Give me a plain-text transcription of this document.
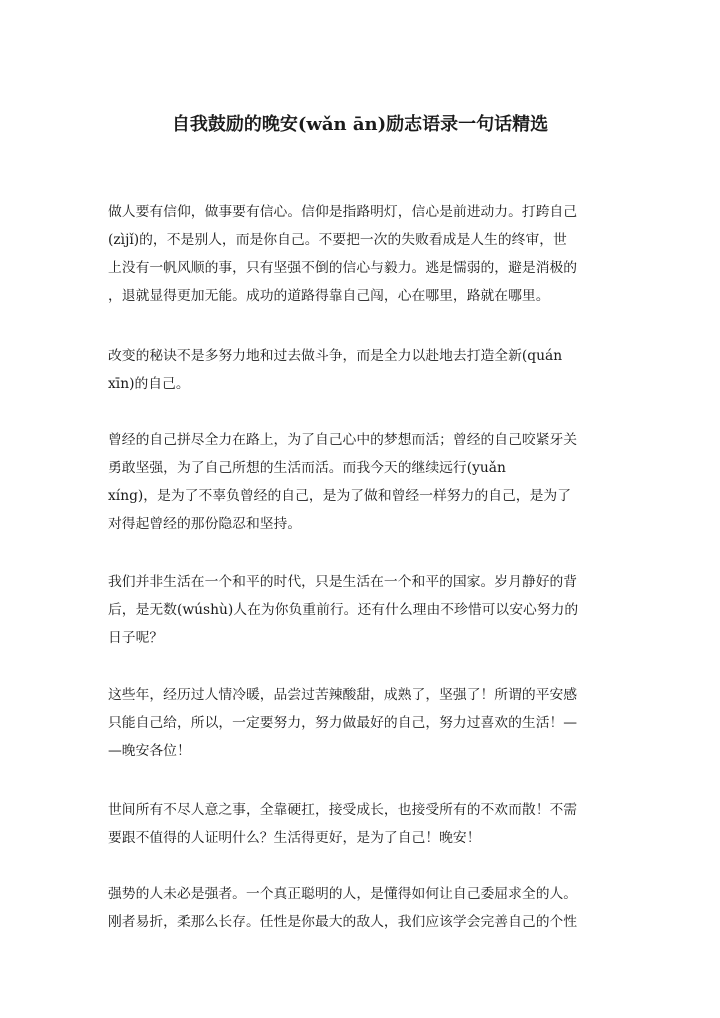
自我鼓励的晚安(wǎn ān)励志语录一句话精选
做人要有信仰，做事要有信心。信仰是指路明灯，信心是前进动力。打跨自己
(zìjǐ)的，不是别人，而是你自己。不要把一次的失败看成是人生的终审，世
上没有一帆风顺的事，只有坚强不倒的信心与毅力。逃是懦弱的，避是消极的
，退就显得更加无能。成功的道路得靠自己闯，心在哪里，路就在哪里。
改变的秘诀不是多努力地和过去做斗争，而是全力以赴地去打造全新(quán
xīn)的自己。
曾经的自己拼尽全力在路上，为了自己心中的梦想而活；曾经的自己咬紧牙关
勇敢坚强，为了自己所想的生活而活。而我今天的继续远行(yuǎn
xíng)，是为了不辜负曾经的自己，是为了做和曾经一样努力的自己，是为了
对得起曾经的那份隐忍和坚持。
我们并非生活在一个和平的时代，只是生活在一个和平的国家。岁月静好的背
后，是无数(wúshù)人在为你负重前行。还有什么理由不珍惜可以安心努力的
日子呢？
这些年，经历过人情冷暖，品尝过苦辣酸甜，成熟了，坚强了！所谓的平安感
只能自己给，所以，一定要努力，努力做最好的自己，努力过喜欢的生活！—
—晚安各位！
世间所有不尽人意之事，全靠硬扛，接受成长，也接受所有的不欢而散！不需
要跟不值得的人证明什么？生活得更好，是为了自己！晚安！
强势的人未必是强者。一个真正聪明的人，是懂得如何让自己委屈求全的人。
刚者易折，柔那么长存。任性是你最大的敌人，我们应该学会完善自己的个性
